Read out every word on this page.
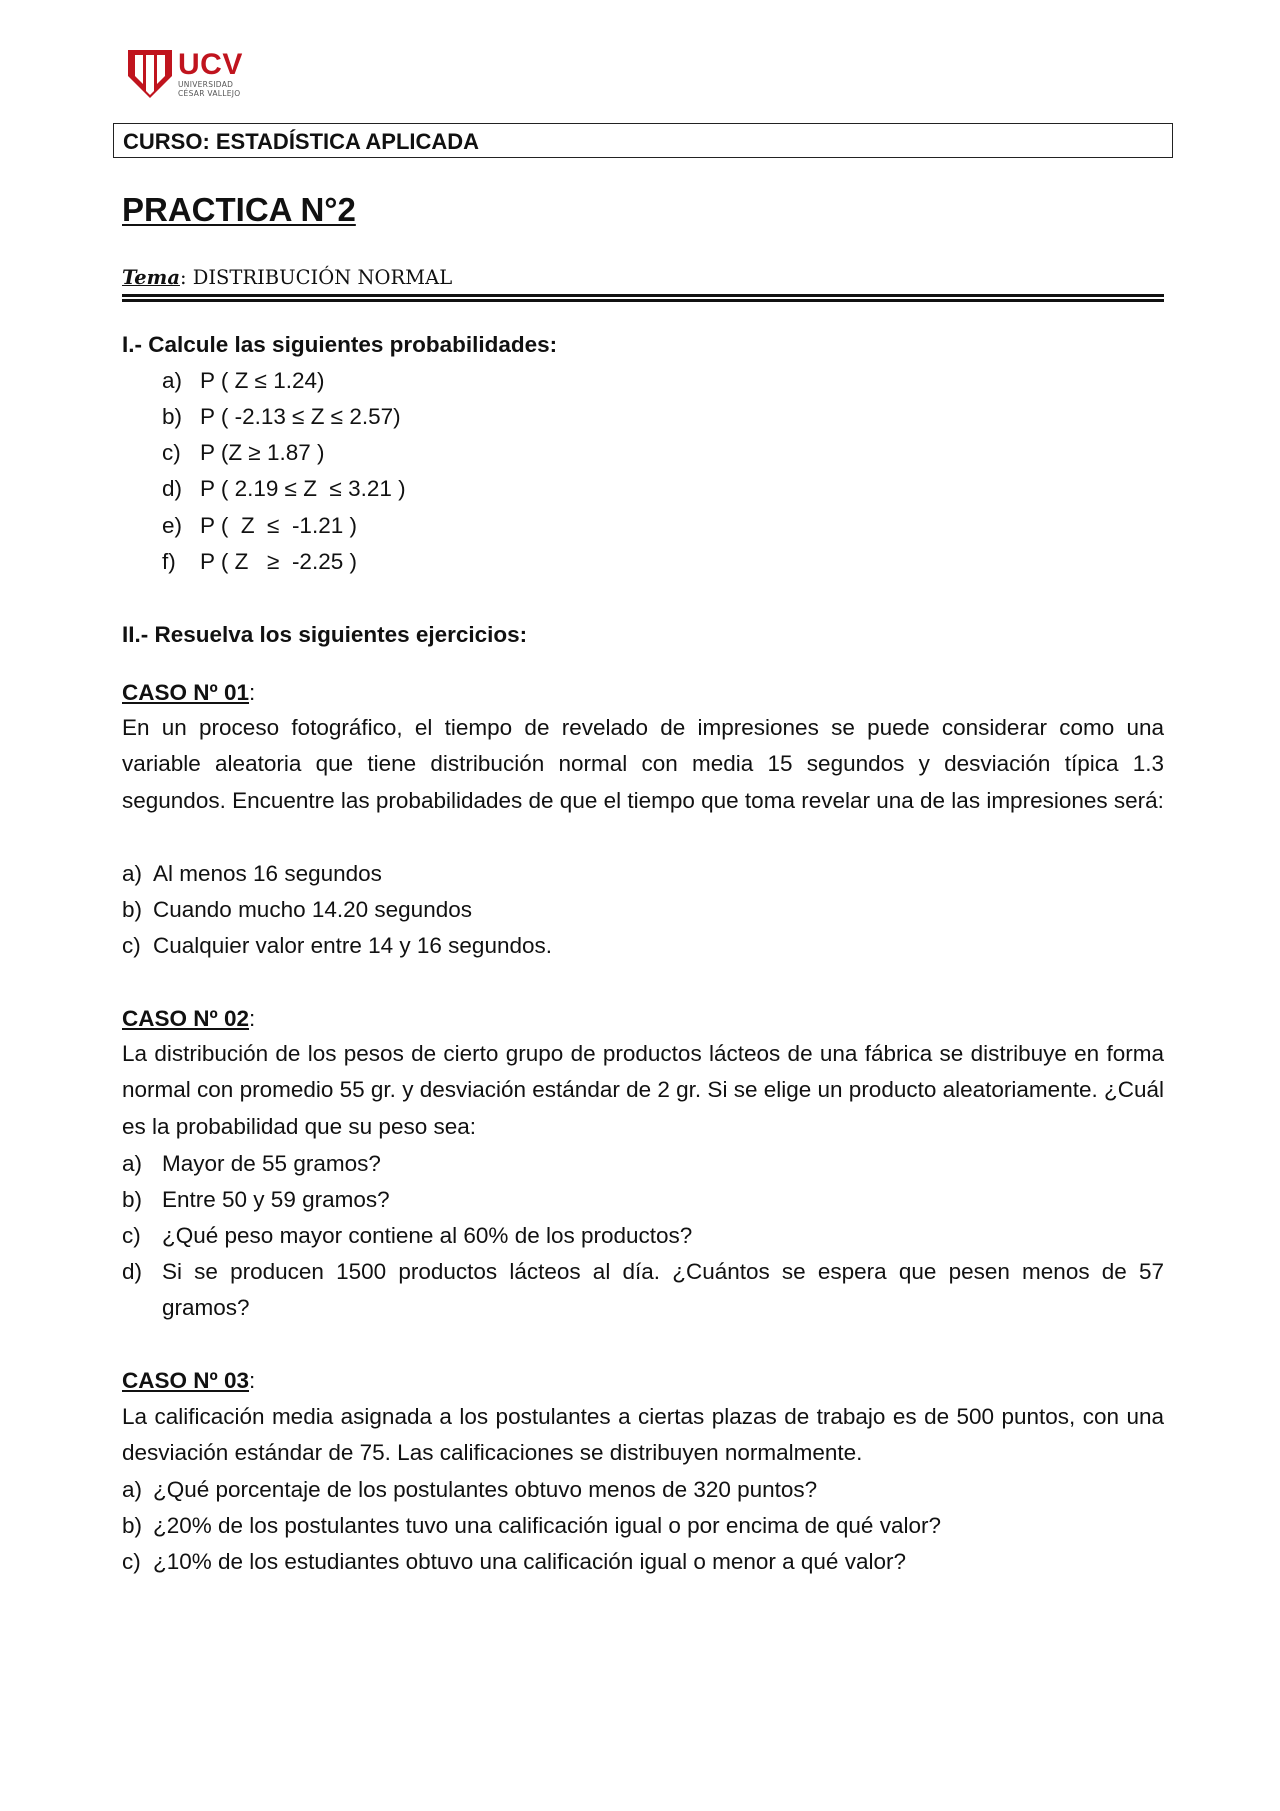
UCV
UNIVERSIDAD
CÉSAR VALLEJO
CURSO: ESTADÍSTICA APLICADA
PRACTICA N°2
Tema: DISTRIBUCIÓN NORMAL
I.- Calcule las siguientes probabilidades:
a) P ( Z ≤ 1.24)
b) P ( -2.13 ≤ Z ≤ 2.57)
c) P (Z ≥ 1.87 )
d) P ( 2.19 ≤ Z  ≤ 3.21 )
e) P (  Z  ≤  -1.21 )
f) P ( Z   ≥  -2.25 )
II.- Resuelva los siguientes ejercicios:
CASO Nº 01:
En un proceso fotográfico, el tiempo de revelado de impresiones se puede considerar como una variable aleatoria que tiene distribución normal con media 15 segundos y desviación típica 1.3 segundos. Encuentre las probabilidades de que el tiempo que toma revelar una de las impresiones será:
a) Al menos 16 segundos
b) Cuando mucho 14.20 segundos
c) Cualquier valor entre 14 y 16 segundos.
CASO Nº 02:
La distribución de los pesos de cierto grupo de productos lácteos de una fábrica se distribuye en forma normal con promedio 55 gr. y desviación estándar de 2 gr. Si se elige un producto aleatoriamente. ¿Cuál es la probabilidad que su peso sea:
a) Mayor de 55 gramos?
b) Entre 50 y 59 gramos?
c) ¿Qué peso mayor contiene al 60% de los productos?
d) Si se producen 1500 productos lácteos al día. ¿Cuántos se espera que pesen menos de 57 gramos?
CASO Nº 03:
La calificación media asignada a los postulantes a ciertas plazas de trabajo es de 500 puntos, con una desviación estándar de 75. Las calificaciones se distribuyen normalmente.
a) ¿Qué porcentaje de los postulantes obtuvo menos de 320 puntos?
b) ¿20% de los postulantes tuvo una calificación igual o por encima de qué valor?
c) ¿10% de los estudiantes obtuvo una calificación igual o menor a qué valor?
